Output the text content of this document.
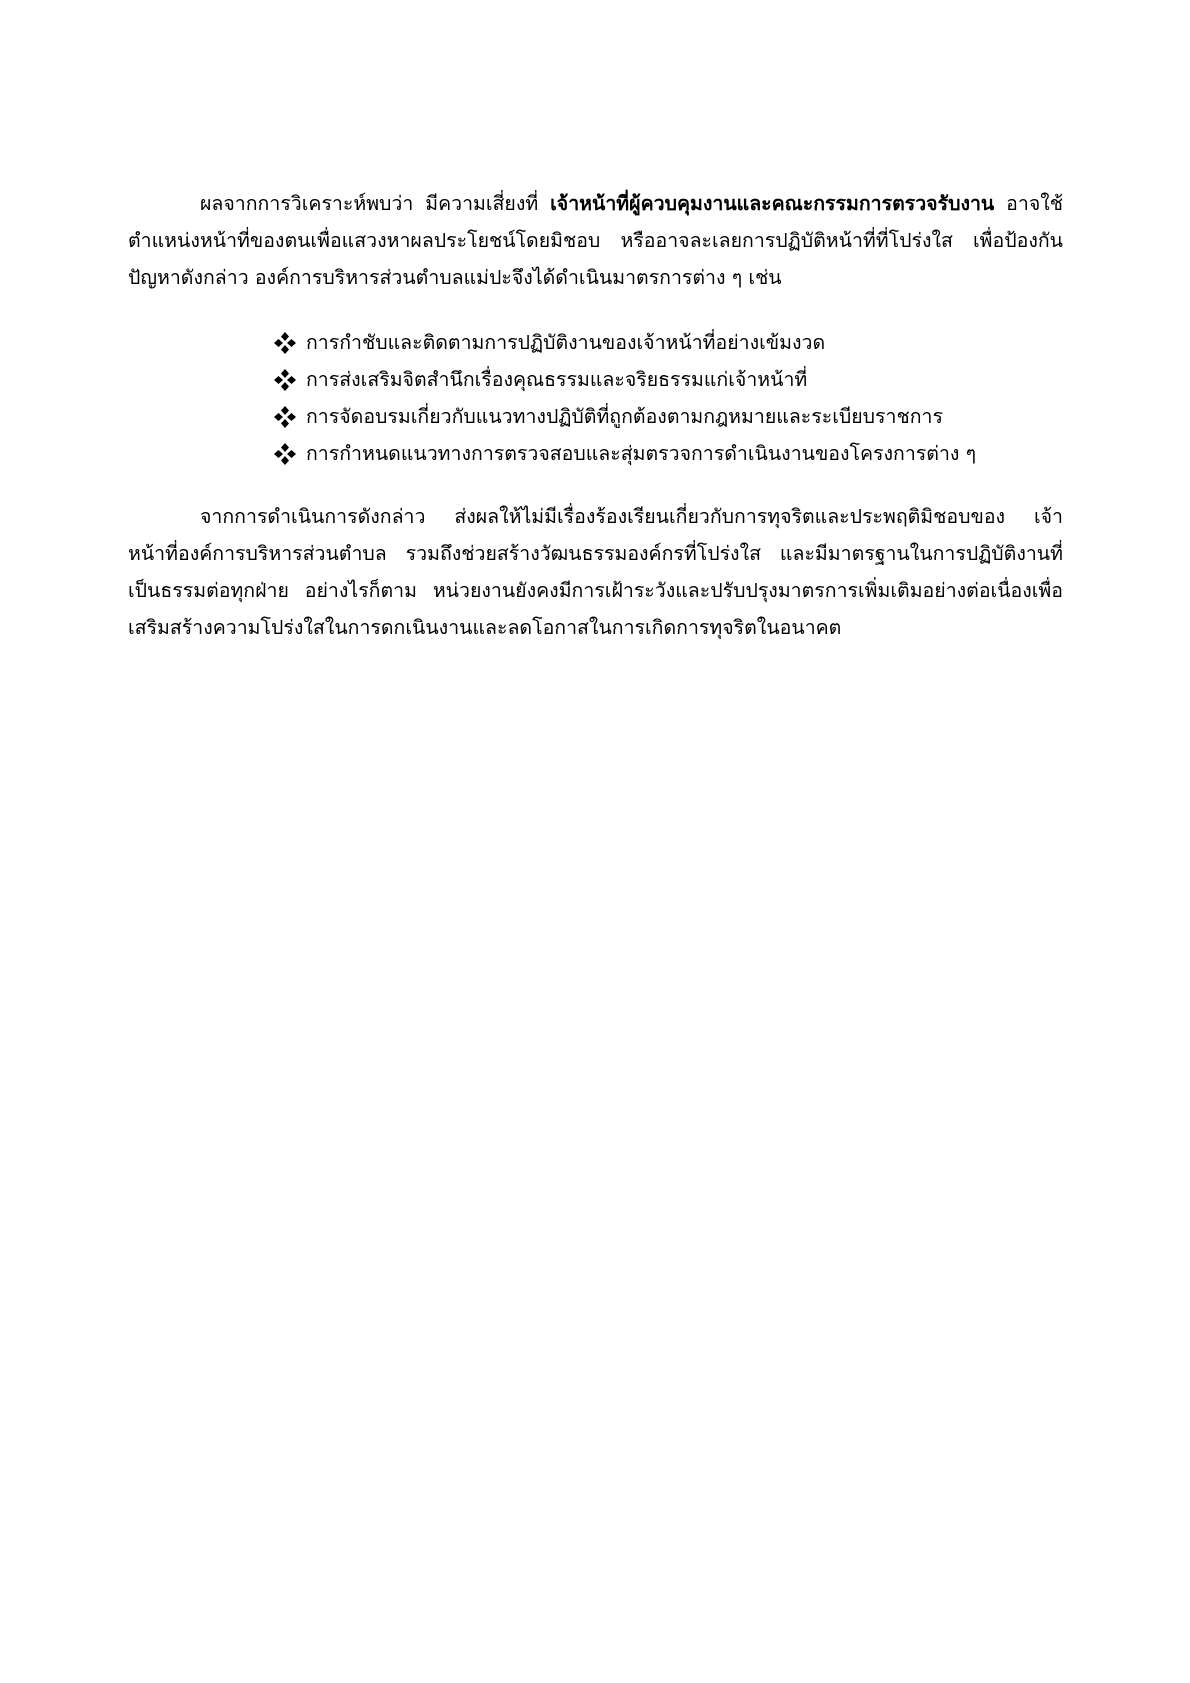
ผลจากการวิเคราะห์พบว่า มีความเสี่ยงที่ เจ้าหน้าที่ผู้ควบคุมงานและคณะกรรมการตรวจรับงาน อาจใช้ตำแหน่งหน้าที่ของตนเพื่อแสวงหาผลประโยชน์โดยมิชอบ หรืออาจละเลยการปฏิบัติหน้าที่ที่โปร่งใส เพื่อป้องกันปัญหาดังกล่าว องค์การบริหารส่วนตำบลแม่ปะจึงได้ดำเนินมาตรการต่าง ๆ เช่น

การกำชับและติดตามการปฏิบัติงานของเจ้าหน้าที่อย่างเข้มงวด
การส่งเสริมจิตสำนึกเรื่องคุณธรรมและจริยธรรมแก่เจ้าหน้าที่
การจัดอบรมเกี่ยวกับแนวทางปฏิบัติที่ถูกต้องตามกฎหมายและระเบียบราชการ
การกำหนดแนวทางการตรวจสอบและสุ่มตรวจการดำเนินงานของโครงการต่าง ๆ

จากการดำเนินการดังกล่าว ส่งผลให้ไม่มีเรื่องร้องเรียนเกี่ยวกับการทุจริตและประพฤติมิชอบของ เจ้าหน้าที่องค์การบริหารส่วนตำบล รวมถึงช่วยสร้างวัฒนธรรมองค์กรที่โปร่งใส และมีมาตรฐานในการปฏิบัติงานที่ เป็นธรรมต่อทุกฝ่าย อย่างไรก็ตาม หน่วยงานยังคงมีการเฝ้าระวังและปรับปรุงมาตรการเพิ่มเติมอย่างต่อเนื่องเพื่อ เสริมสร้างความโปร่งใสในการดกเนินงานและลดโอกาสในการเกิดการทุจริตในอนาคต
